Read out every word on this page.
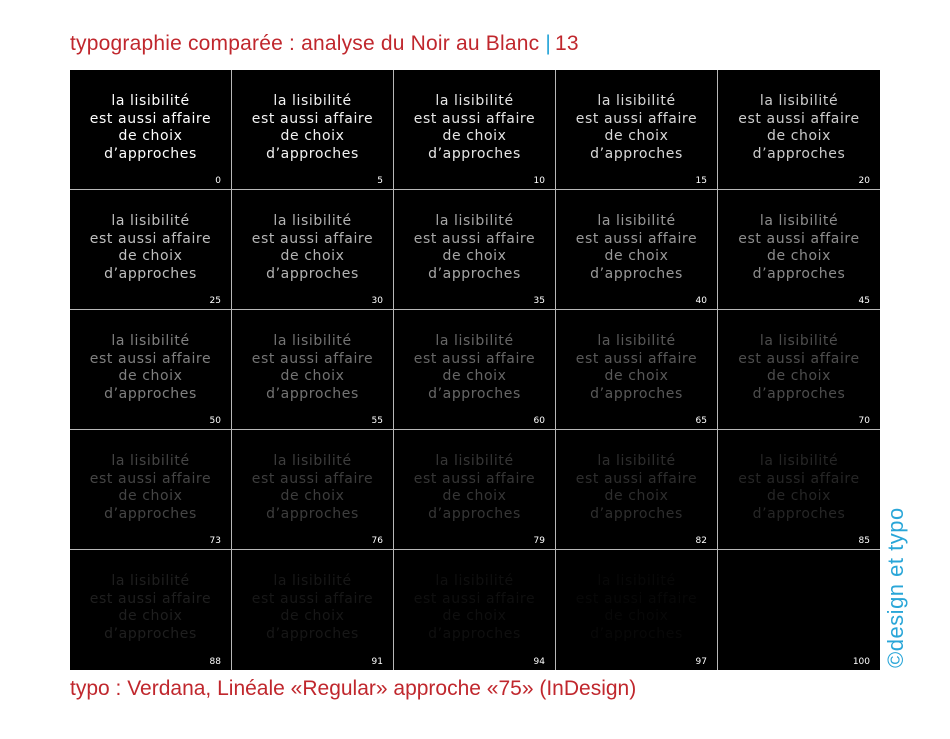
typographie comparée : analyse du Noir au Blanc | 13
la lisibilité
est aussi affaire
de choix
d’approches
0
la lisibilité
est aussi affaire
de choix
d’approches
5
la lisibilité
est aussi affaire
de choix
d’approches
10
la lisibilité
est aussi affaire
de choix
d’approches
15
la lisibilité
est aussi affaire
de choix
d’approches
20
la lisibilité
est aussi affaire
de choix
d’approches
25
la lisibilité
est aussi affaire
de choix
d’approches
30
la lisibilité
est aussi affaire
de choix
d’approches
35
la lisibilité
est aussi affaire
de choix
d’approches
40
la lisibilité
est aussi affaire
de choix
d’approches
45
la lisibilité
est aussi affaire
de choix
d’approches
50
la lisibilité
est aussi affaire
de choix
d’approches
55
la lisibilité
est aussi affaire
de choix
d’approches
60
la lisibilité
est aussi affaire
de choix
d’approches
65
la lisibilité
est aussi affaire
de choix
d’approches
70
la lisibilité
est aussi affaire
de choix
d’approches
73
la lisibilité
est aussi affaire
de choix
d’approches
76
la lisibilité
est aussi affaire
de choix
d’approches
79
la lisibilité
est aussi affaire
de choix
d’approches
82
la lisibilité
est aussi affaire
de choix
d’approches
85
la lisibilité
est aussi affaire
de choix
d’approches
88
la lisibilité
est aussi affaire
de choix
d’approches
91
la lisibilité
est aussi affaire
de choix
d’approches
94
la lisibilité
est aussi affaire
de choix
d’approches
97
la lisibilité
est aussi affaire
de choix
d’approches
100
typo : Verdana, Linéale «Regular» approche «75» (InDesign)
©design et typo
